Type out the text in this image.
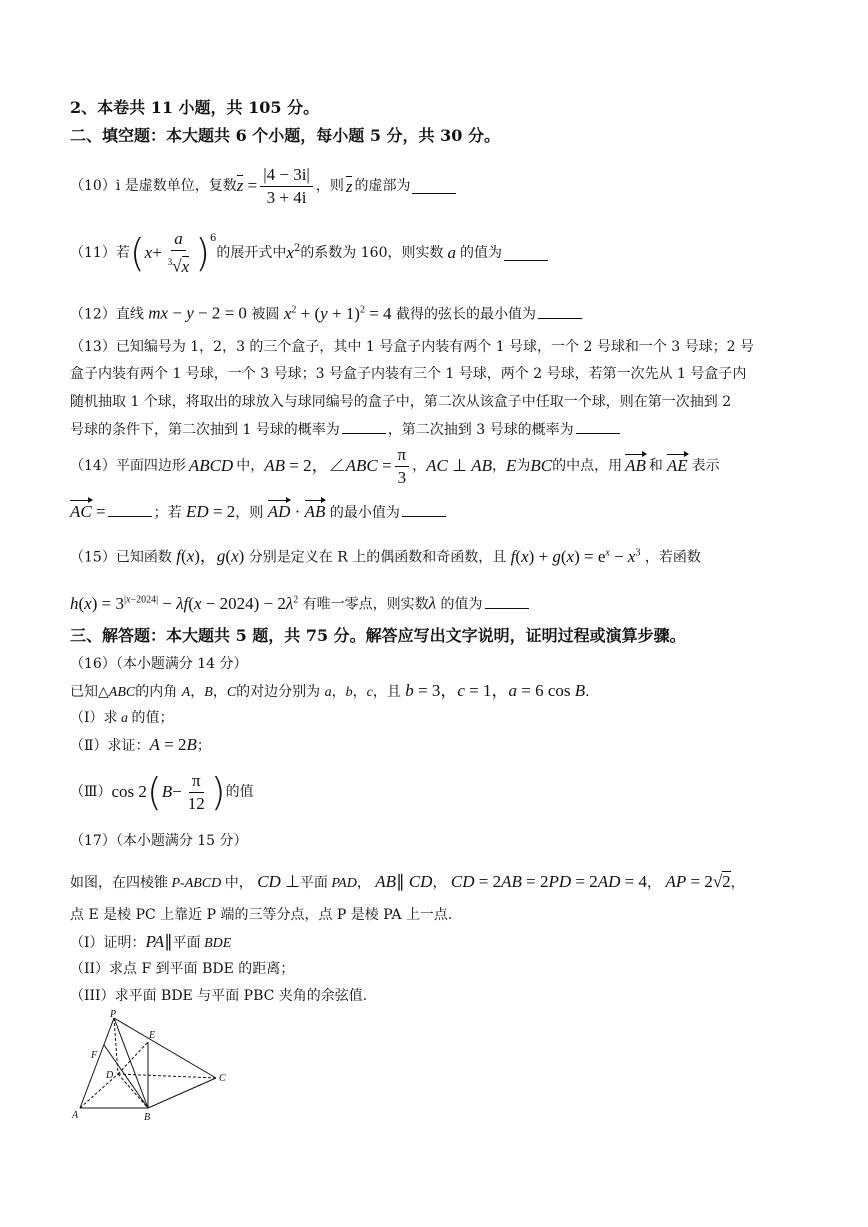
2、本卷共 11 小题，共 105 分。
二、填空题：本大题共 6 个小题，每小题 5 分，共 30 分。
（10）i 是虚数单位，复数 $z = \frac{|4 - 3i|}{3 + 4i}$ ，则 z 的虚部为
（11）若 ( $x + \frac{a}{^3√x} )^6$
的展开式中 $x^2$ 的系数为 160，则实数 a 的值为
（12）直线 mx − y − 2 = 0 被圆 $x^2 + (y + 1)^2 = 4$ 截得的弦长的最小值为
（13）已知编号为 1，2，3 的三个盒子，其中 1 号盒子内装有两个 1 号球，一个 2 号球和一个 3 号球；2 号
盒子内装有两个 1 号球，一个 3 号球；3 号盒子内装有三个 1 号球，两个 2 号球，若第一次先从 1 号盒子内
随机抽取 1 个球，将取出的球放入与球同编号的盒子中，第二次从该盒子中任取一个球，则在第一次抽到 2
号球的条件下，第二次抽到 1 号球的概率为	，第二次抽到 3 号球的概率为
（14）平面四边形 ABCD 中， AB = 2，∠ABC = $\frac{\pi}{3}$ ， AC ⊥ AB ， E 为 BC 的中点，用 AB 和 AE 表示
AC =	；若 ED = 2，则 AD · AB 的最小值为
（15）已知函数 f(x)，g(x) 分别是定义在 R 上的偶函数和奇函数，且 $f(x) + g(x) = e^x - x^3$ ，若函数
$h(x) = 3^{|x-2024|} - \lambda f(x - 2024) - 2\lambda^2$ 有唯一零点，则实数λ 的值为
三、解答题：本大题共 5 题，共 75 分。解答应写出文字说明，证明过程或演算步骤。
（16）（本小题满分 14 分）
已知△ABC的内角 A，B，C的对边分别为 a，b，c，且 b = 3，c = 1，a = 6 cos B.
（Ⅰ）求 a 的值；
（Ⅱ）求证：A = 2B；
（Ⅲ） cos 2 ( $B - \frac{\pi}{12}$ ) 的值
（17）（本小题满分 15 分）
如图，在四棱锥 P-ABCD 中， CD ⊥平面 PAD， AB∥ CD， CD = 2AB = 2PD = 2AD = 4， AP = 2√2，
点 E 是棱 PC 上靠近 P 端的三等分点，点 P 是棱 PA 上一点.
（I）证明：PA∥平面 BDE
（II）求点 F 到平面 BDE 的距离；
（III）求平面 BDE 与平面 PBC 夹角的余弦值.
P
E
F
D	C
A	B
